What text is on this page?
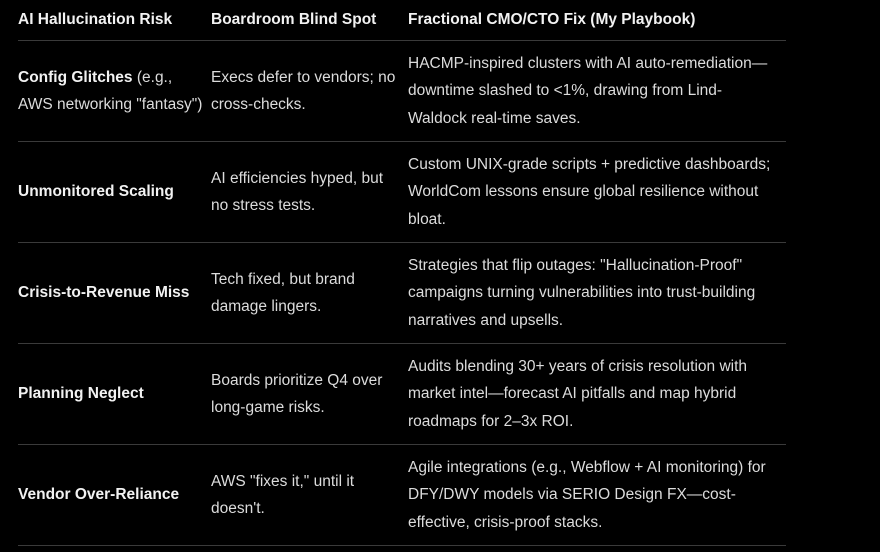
AI Hallucination Risk	Boardroom Blind Spot	Fractional CMO/CTO Fix (My Playbook)
Config Glitches (e.g., AWS networking "fantasy")	Execs defer to vendors; no cross-checks.	HACMP-inspired clusters with AI auto-remediation—downtime slashed to <1%, drawing from Lind-Waldock real-time saves.
Unmonitored Scaling	AI efficiencies hyped, but no stress tests.	Custom UNIX-grade scripts + predictive dashboards; WorldCom lessons ensure global resilience without bloat.
Crisis-to-Revenue Miss	Tech fixed, but brand damage lingers.	Strategies that flip outages: "Hallucination-Proof" campaigns turning vulnerabilities into trust-building narratives and upsells.
Planning Neglect	Boards prioritize Q4 over long-game risks.	Audits blending 30+ years of crisis resolution with market intel—forecast AI pitfalls and map hybrid roadmaps for 2–3x ROI.
Vendor Over-Reliance	AWS "fixes it," until it doesn't.	Agile integrations (e.g., Webflow + AI monitoring) for DFY/DWY models via SERIO Design FX—cost-effective, crisis-proof stacks.
